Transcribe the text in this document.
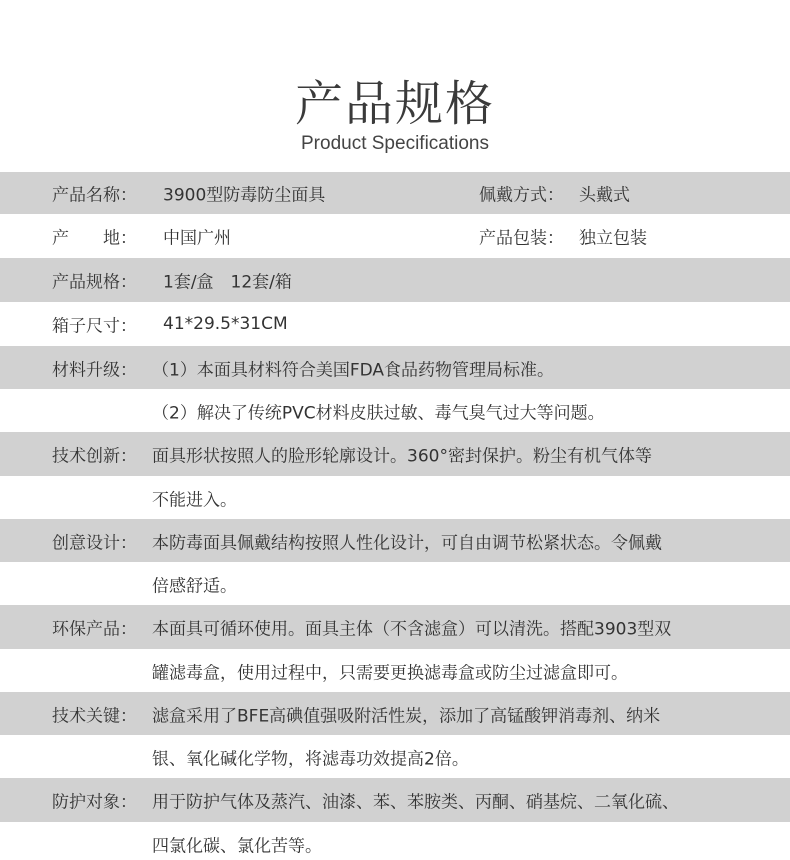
产品规格
Product Specifications
产品名称： 3900型防毒防尘面具	佩戴方式： 头戴式
产　　地： 中国广州	产品包装： 独立包装
产品规格： 1套/盒　12套/箱
箱子尺寸： 41*29.5*31CM
材料升级： （1）本面具材料符合美国FDA食品药物管理局标准。
（2）解决了传统PVC材料皮肤过敏、毒气臭气过大等问题。
技术创新： 面具形状按照人的脸形轮廓设计。360°密封保护。粉尘有机气体等
不能进入。
创意设计： 本防毒面具佩戴结构按照人性化设计，可自由调节松紧状态。令佩戴
倍感舒适。
环保产品： 本面具可循环使用。面具主体（不含滤盒）可以清洗。搭配3903型双
罐滤毒盒，使用过程中，只需要更换滤毒盒或防尘过滤盒即可。
技术关键： 滤盒采用了BFE高碘值强吸附活性炭，添加了高锰酸钾消毒剂、纳米
银、氧化碱化学物，将滤毒功效提高2倍。
防护对象： 用于防护气体及蒸汽、油漆、苯、苯胺类、丙酮、硝基烷、二氧化硫、
四氯化碳、氯化苦等。
